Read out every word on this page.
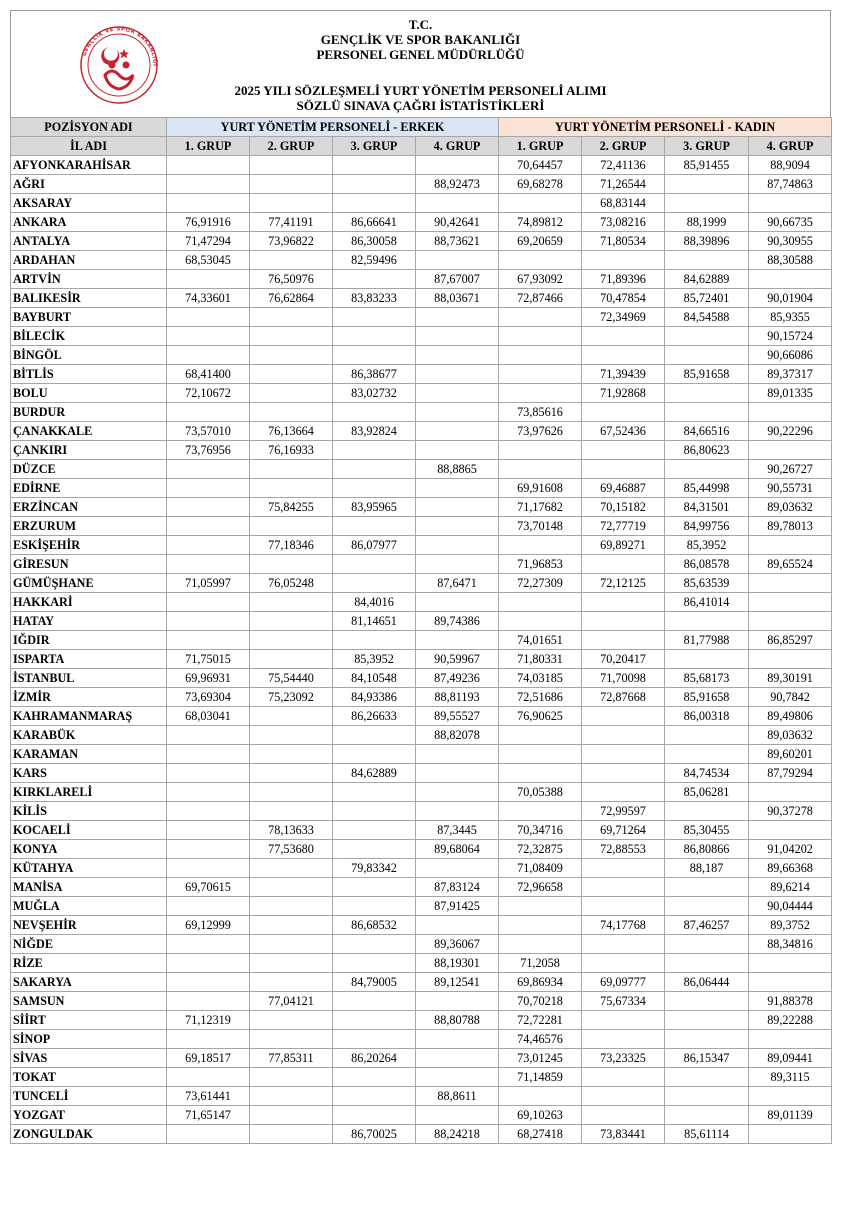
GENÇLİK VE SPOR BAKANLIĞI
T.C.
GENÇLİK VE SPOR BAKANLIĞI
PERSONEL GENEL MÜDÜRLÜĞÜ
2025 YILI SÖZLEŞMELİ YURT YÖNETİM PERSONELİ ALIMI
SÖZLÜ SINAVA ÇAĞRI İSTATİSTİKLERİ
POZİSYON ADI	YURT YÖNETİM PERSONELİ - ERKEK				YURT YÖNETİM PERSONELİ - KADIN			
İL ADI	1. GRUP	2. GRUP	3. GRUP	4. GRUP	1. GRUP	2. GRUP	3. GRUP	4. GRUP
AFYONKARAHİSAR					70,64457	72,41136	85,91455	88,9094
AĞRI				88,92473	69,68278	71,26544		87,74863
AKSARAY						68,83144		
ANKARA	76,91916	77,41191	86,66641	90,42641	74,89812	73,08216	88,1999	90,66735
ANTALYA	71,47294	73,96822	86,30058	88,73621	69,20659	71,80534	88,39896	90,30955
ARDAHAN	68,53045		82,59496					88,30588
ARTVİN		76,50976		87,67007	67,93092	71,89396	84,62889	
BALIKESİR	74,33601	76,62864	83,83233	88,03671	72,87466	70,47854	85,72401	90,01904
BAYBURT						72,34969	84,54588	85,9355
BİLECİK								90,15724
BİNGÖL								90,66086
BİTLİS	68,41400		86,38677			71,39439	85,91658	89,37317
BOLU	72,10672		83,02732			71,92868		89,01335
BURDUR					73,85616			
ÇANAKKALE	73,57010	76,13664	83,92824		73,97626	67,52436	84,66516	90,22296
ÇANKIRI	73,76956	76,16933					86,80623	
DÜZCE				88,8865				90,26727
EDİRNE					69,91608	69,46887	85,44998	90,55731
ERZİNCAN		75,84255	83,95965		71,17682	70,15182	84,31501	89,03632
ERZURUM					73,70148	72,77719	84,99756	89,78013
ESKİŞEHİR		77,18346	86,07977			69,89271	85,3952	
GİRESUN					71,96853		86,08578	89,65524
GÜMÜŞHANE	71,05997	76,05248		87,6471	72,27309	72,12125	85,63539	
HAKKARİ			84,4016				86,41014	
HATAY			81,14651	89,74386				
IĞDIR					74,01651		81,77988	86,85297
ISPARTA	71,75015		85,3952	90,59967	71,80331	70,20417		
İSTANBUL	69,96931	75,54440	84,10548	87,49236	74,03185	71,70098	85,68173	89,30191
İZMİR	73,69304	75,23092	84,93386	88,81193	72,51686	72,87668	85,91658	90,7842
KAHRAMANMARAŞ	68,03041		86,26633	89,55527	76,90625		86,00318	89,49806
KARABÜK				88,82078				89,03632
KARAMAN								89,60201
KARS			84,62889				84,74534	87,79294
KIRKLARELİ					70,05388		85,06281	
KİLİS						72,99597		90,37278
KOCAELİ		78,13633		87,3445	70,34716	69,71264	85,30455	
KONYA		77,53680		89,68064	72,32875	72,88553	86,80866	91,04202
KÜTAHYA			79,83342		71,08409		88,187	89,66368
MANİSA	69,70615			87,83124	72,96658			89,6214
MUĞLA				87,91425				90,04444
NEVŞEHİR	69,12999		86,68532			74,17768	87,46257	89,3752
NİĞDE				89,36067				88,34816
RİZE				88,19301	71,2058			
SAKARYA			84,79005	89,12541	69,86934	69,09777	86,06444	
SAMSUN		77,04121			70,70218	75,67334		91,88378
SİİRT	71,12319			88,80788	72,72281			89,22288
SİNOP					74,46576			
SİVAS	69,18517	77,85311	86,20264		73,01245	73,23325	86,15347	89,09441
TOKAT					71,14859			89,3115
TUNCELİ	73,61441			88,8611				
YOZGAT	71,65147				69,10263			89,01139
ZONGULDAK			86,70025	88,24218	68,27418	73,83441	85,61114	
